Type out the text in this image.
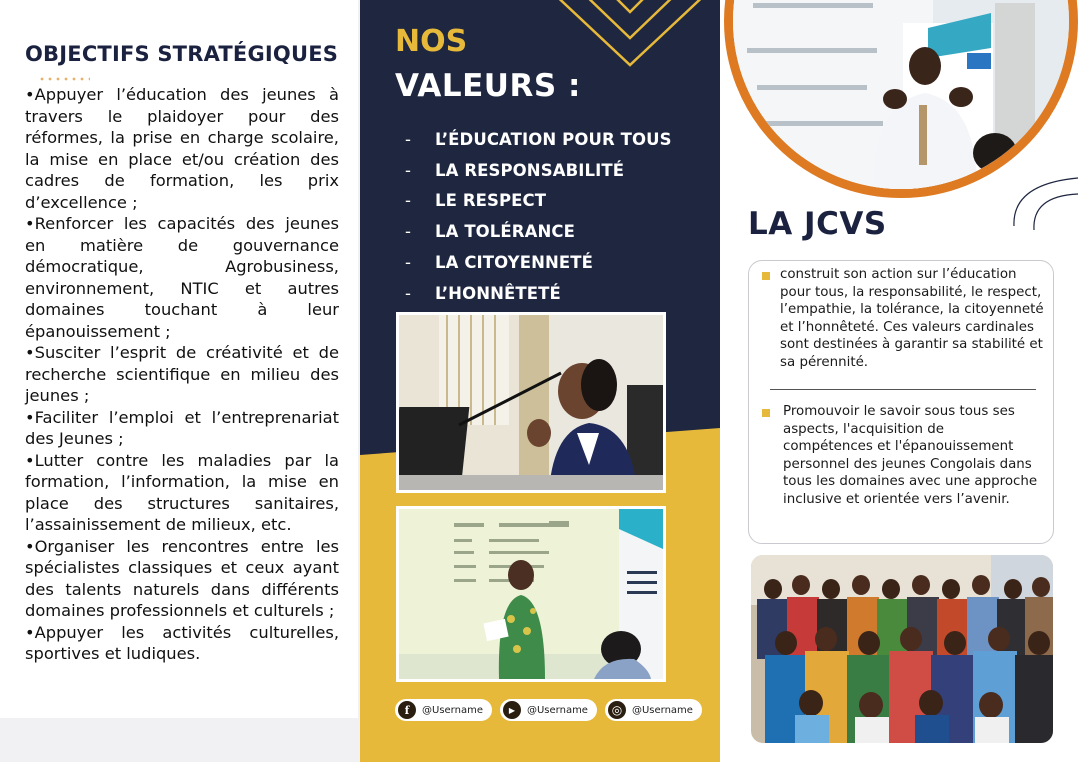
OBJECTIFS STRATÉGIQUES

•Appuyer l’éducation des jeunes à travers le plaidoyer pour des réformes, la prise en charge scolaire, la mise en place et/ou création des cadres de formation, les prix d’excellence ;

•Renforcer les capacités des jeunes en matière de gouvernance démocratique, Agrobusiness, environnement, NTIC et autres domaines touchant à leur épanouissement ;

•Susciter l’esprit de créativité et de recherche scientifique en milieu des jeunes ;

•Faciliter l’emploi et l’entreprenariat des Jeunes ;

•Lutter contre les maladies par la formation, l’information, la mise en place des structures sanitaires, l’assainissement de milieux, etc.

•Organiser les rencontres entre les spécialistes classiques et ceux ayant des talents naturels dans différents domaines professionnels et culturels ;

•Appuyer les activités culturelles, sportives et ludiques.

NOS
VALEURS :
-	L’ÉDUCATION POUR TOUS
-	LA RESPONSABILITÉ
-	LE RESPECT
-	LA TOLÉRANCE
-	LA CITOYENNETÉ
-	L’HONNÊTETÉ
f	@Username	▶	@Username	◎ @Username
LA JCVS

construit son action sur l’éducation pour tous, la responsabilité, le respect, l’empathie, la tolérance, la citoyenneté et l’honnêteté. Ces valeurs cardinales sont destinées à garantir sa stabilité et sa pérennité.

Promouvoir le savoir sous tous ses aspects, l'acquisition de compétences et l'épanouissement personnel des jeunes Congolais dans tous les domaines avec une approche inclusive et orientée vers l’avenir.
